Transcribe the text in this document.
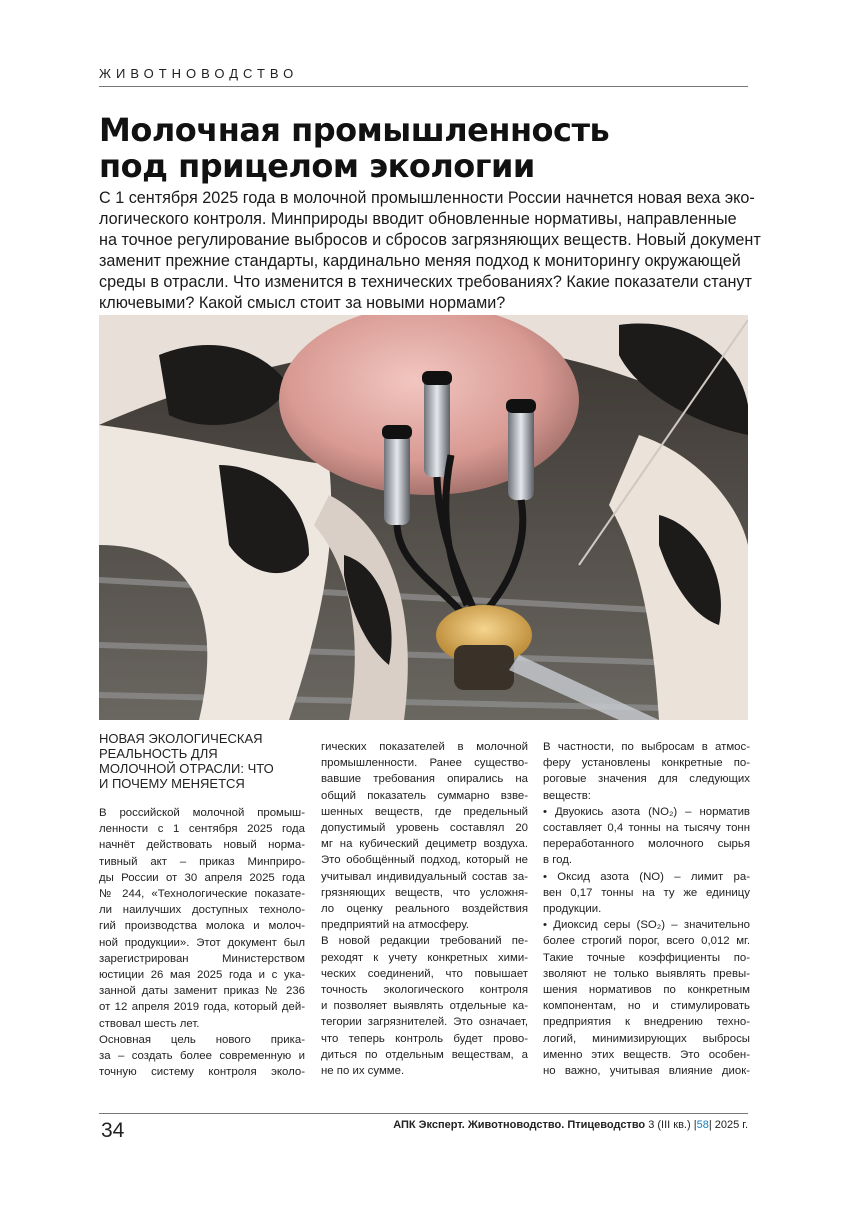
ЖИВОТНОВОДСТВО
Молочная промышленность
под прицелом экологии
С 1 сентября 2025 года в молочной промышленности России начнется новая веха эко-
логического контроля. Минприроды вводит обновленные нормативы, направленные
на точное регулирование выбросов и сбросов загрязняющих веществ. Новый документ
заменит прежние стандарты, кардинально меняя подход к мониторингу окружающей
среды в отрасли. Что изменится в технических требованиях? Какие показатели станут
ключевыми? Какой смысл стоит за новыми нормами?
НОВАЯ ЭКОЛОГИЧЕСКАЯ
РЕАЛЬНОСТЬ ДЛЯ
МОЛОЧНОЙ ОТРАСЛИ: ЧТО
И ПОЧЕМУ МЕНЯЕТСЯ
В российской молочной промыш-
ленности с 1 сентября 2025 года
начнёт действовать новый норма-
тивный акт – приказ Минприро-
ды России от 30 апреля 2025 года
№ 244, «Технологические показате-
ли наилучших доступных техноло-
гий производства молока и молоч-
ной продукции». Этот документ был
зарегистрирован Министерством
юстиции 26 мая 2025 года и с ука-
занной даты заменит приказ № 236
от 12 апреля 2019 года, который дей-
ствовал шесть лет.
Основная цель нового прика-
за – создать более современную и
точную систему контроля эколо-
гических показателей в молочной
промышленности. Ранее существо-
вавшие требования опирались на
общий показатель суммарно взве-
шенных веществ, где предельный
допустимый уровень составлял 20
мг на кубический дециметр воздуха.
Это обобщённый подход, который не
учитывал индивидуальный состав за-
грязняющих веществ, что усложня-
ло оценку реального воздействия
предприятий на атмосферу.
В новой редакции требований пе-
реходят к учету конкретных хими-
ческих соединений, что повышает
точность экологического контроля
и позволяет выявлять отдельные ка-
тегории загрязнителей. Это означает,
что теперь контроль будет прово-
диться по отдельным веществам, а
не по их сумме.
В частности, по выбросам в атмос-
феру установлены конкретные по-
роговые значения для следующих
веществ:
• Двуокись азота (NO₂) – норматив
составляет 0,4 тонны на тысячу тонн
переработанного молочного сырья
в год.
• Оксид азота (NO) – лимит ра-
вен 0,17 тонны на ту же единицу
продукции.
• Диоксид серы (SO₂) – значительно
более строгий порог, всего 0,012 мг.
Такие точные коэффициенты по-
зволяют не только выявлять превы-
шения нормативов по конкретным
компонентам, но и стимулировать
предприятия к внедрению техно-
логий, минимизирующих выбросы
именно этих веществ. Это особен-
но важно, учитывая влияние диок-
34	АПК Эксперт. Животноводство. Птицеводство 3 (III кв.) |58| 2025 г.
